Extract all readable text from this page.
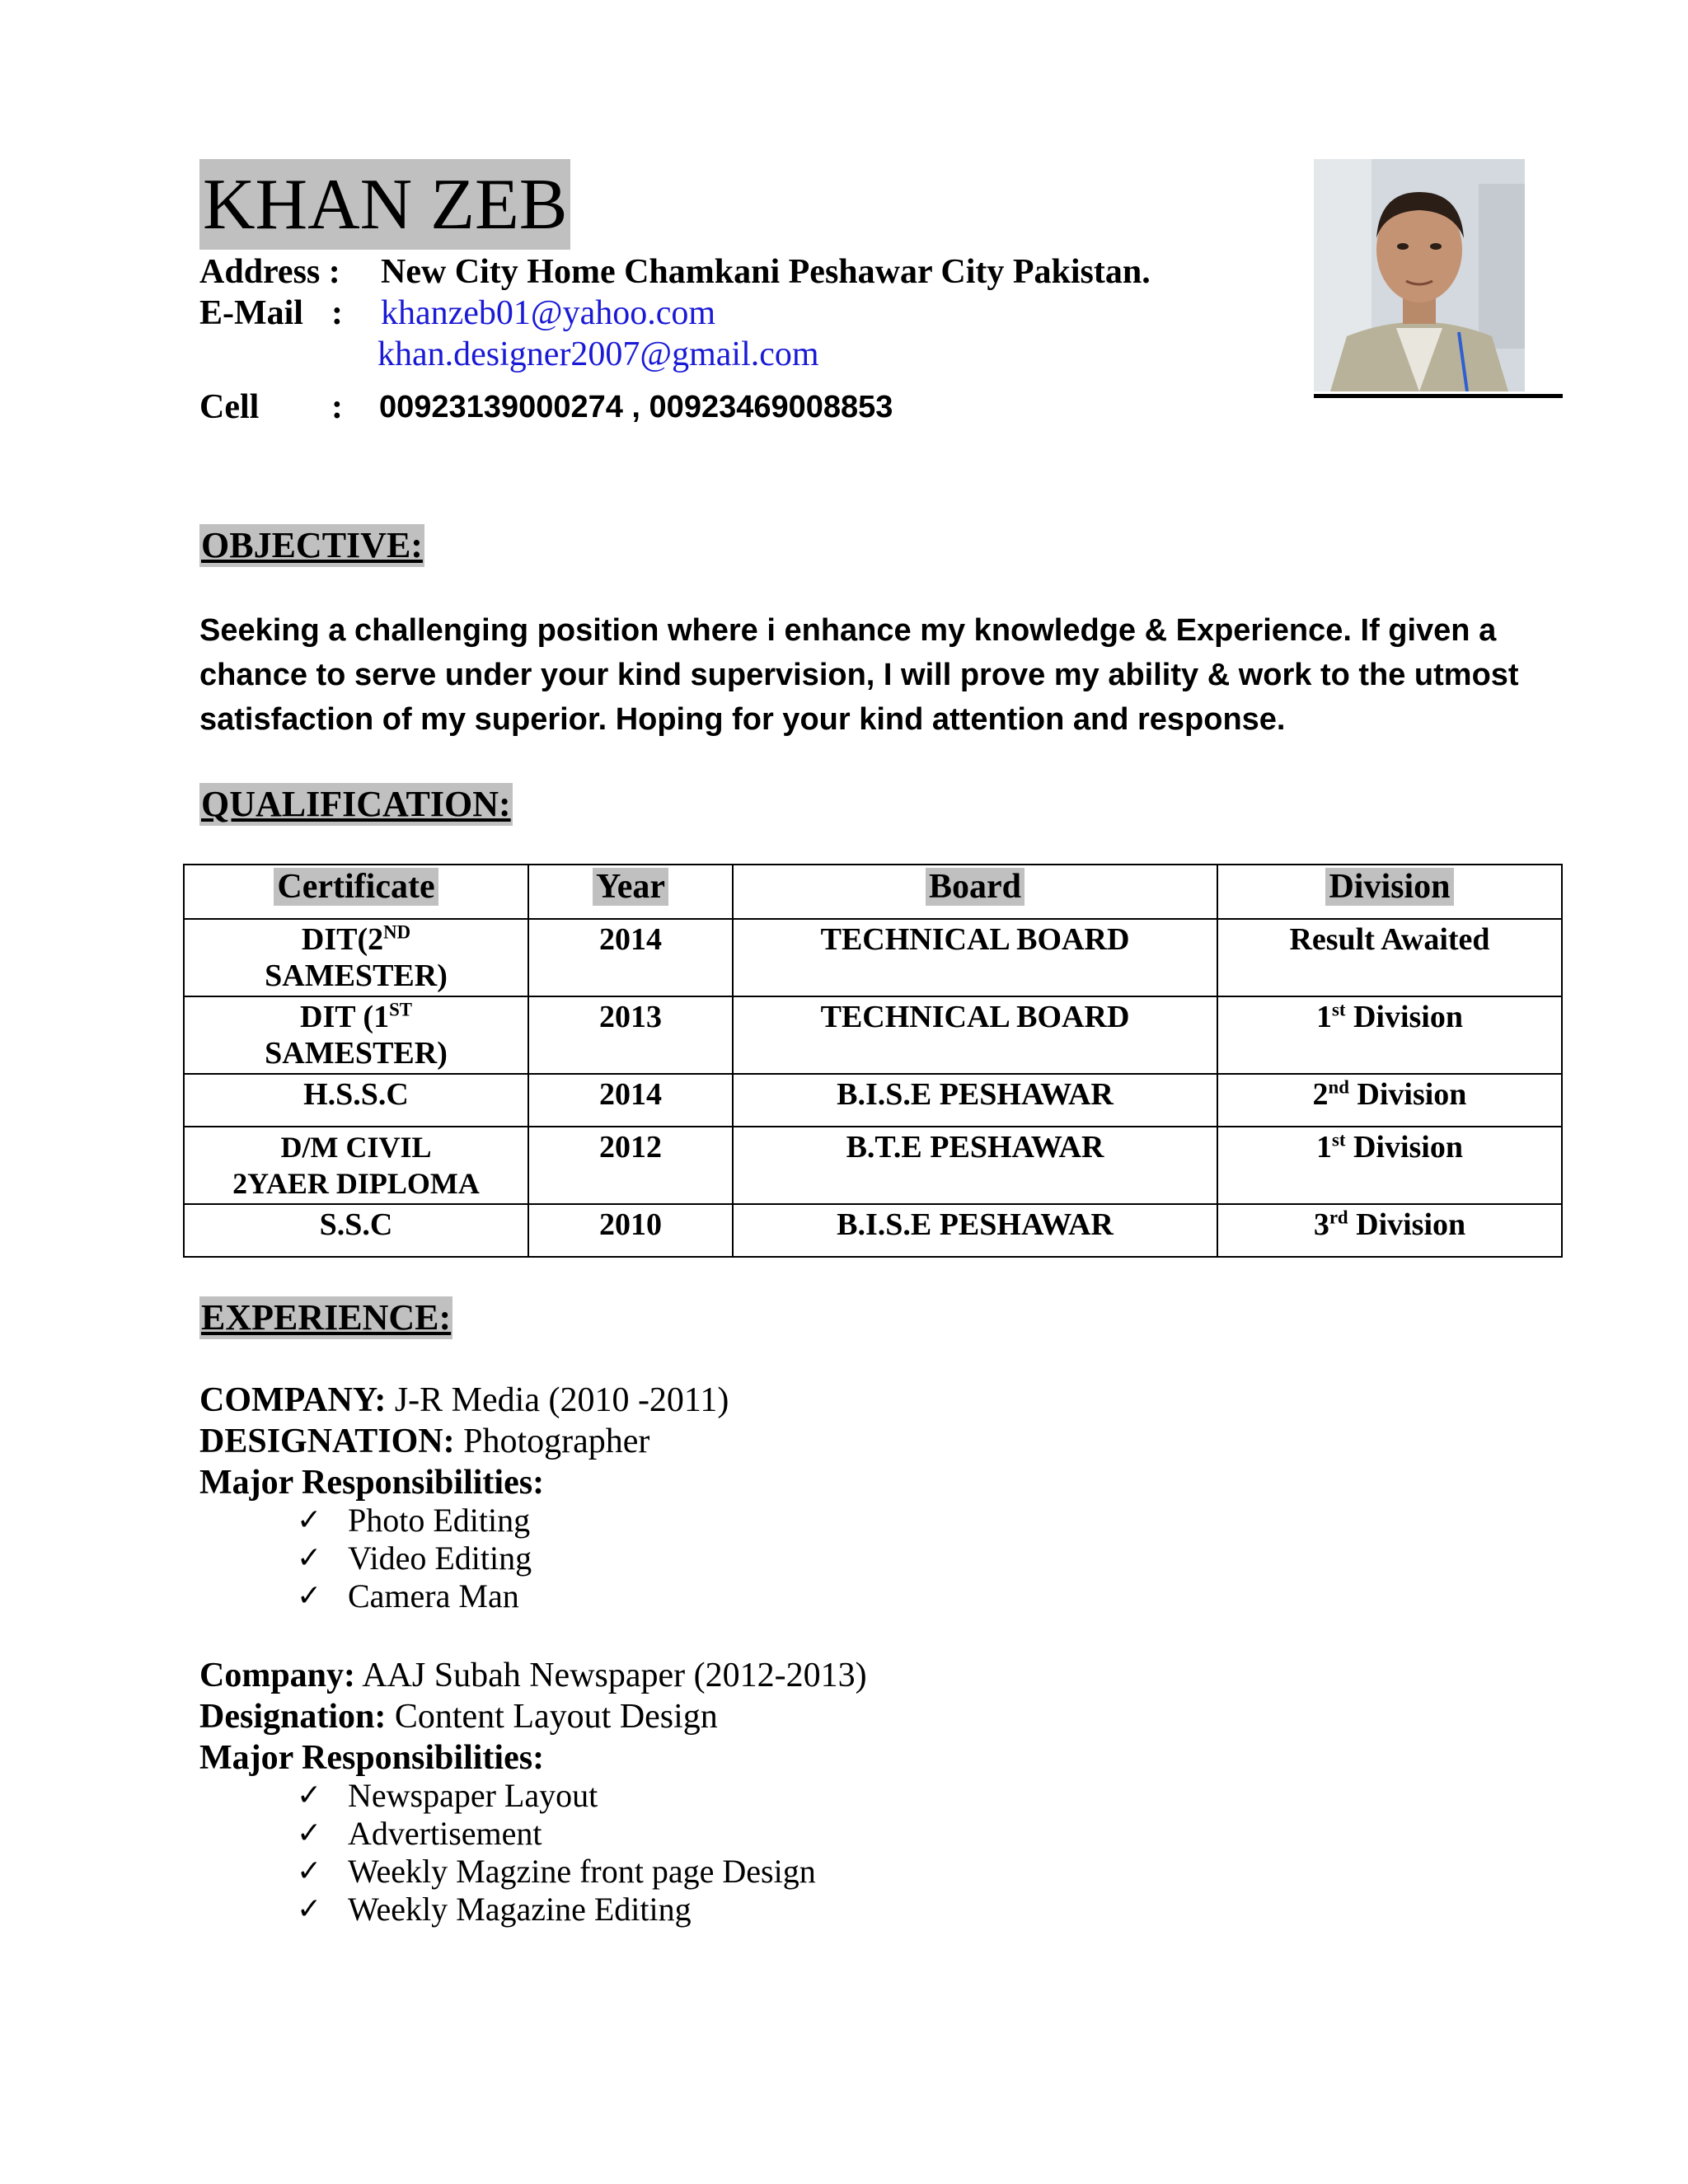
KHAN ZEB
Address : New City Home Chamkani Peshawar City Pakistan.
E-Mail : khanzeb01@yahoo.com
khan.designer2007@gmail.com
Cell : 00923139000274 , 00923469008853
OBJECTIVE:

Seeking a challenging position where i enhance my knowledge & Experience. If given a chance to serve under your kind supervision, I will prove my ability & work to the utmost satisfaction of my superior. Hoping for your kind attention and response.

QUALIFICATION:
Certificate	Year	Board	Division
DIT(2ND
SAMESTER)	2014	TECHNICAL BOARD	Result Awaited
DIT (1ST
SAMESTER)	2013	TECHNICAL BOARD	1st Division
H.S.S.C	2014	B.I.S.E PESHAWAR	2nd Division
D/M CIVIL
2YAER DIPLOMA	2012	B.T.E PESHAWAR	1st Division
S.S.C	2010	B.I.S.E PESHAWAR	3rd Division
EXPERIENCE:
COMPANY: J-R Media (2010 -2011)
DESIGNATION: Photographer
Major Responsibilities:
✓ Photo Editing
✓ Video Editing
✓ Camera Man
Company: AAJ Subah Newspaper (2012-2013)
Designation: Content Layout Design
Major Responsibilities:
✓ Newspaper Layout
✓ Advertisement
✓ Weekly Magzine front page Design
✓ Weekly Magazine Editing
